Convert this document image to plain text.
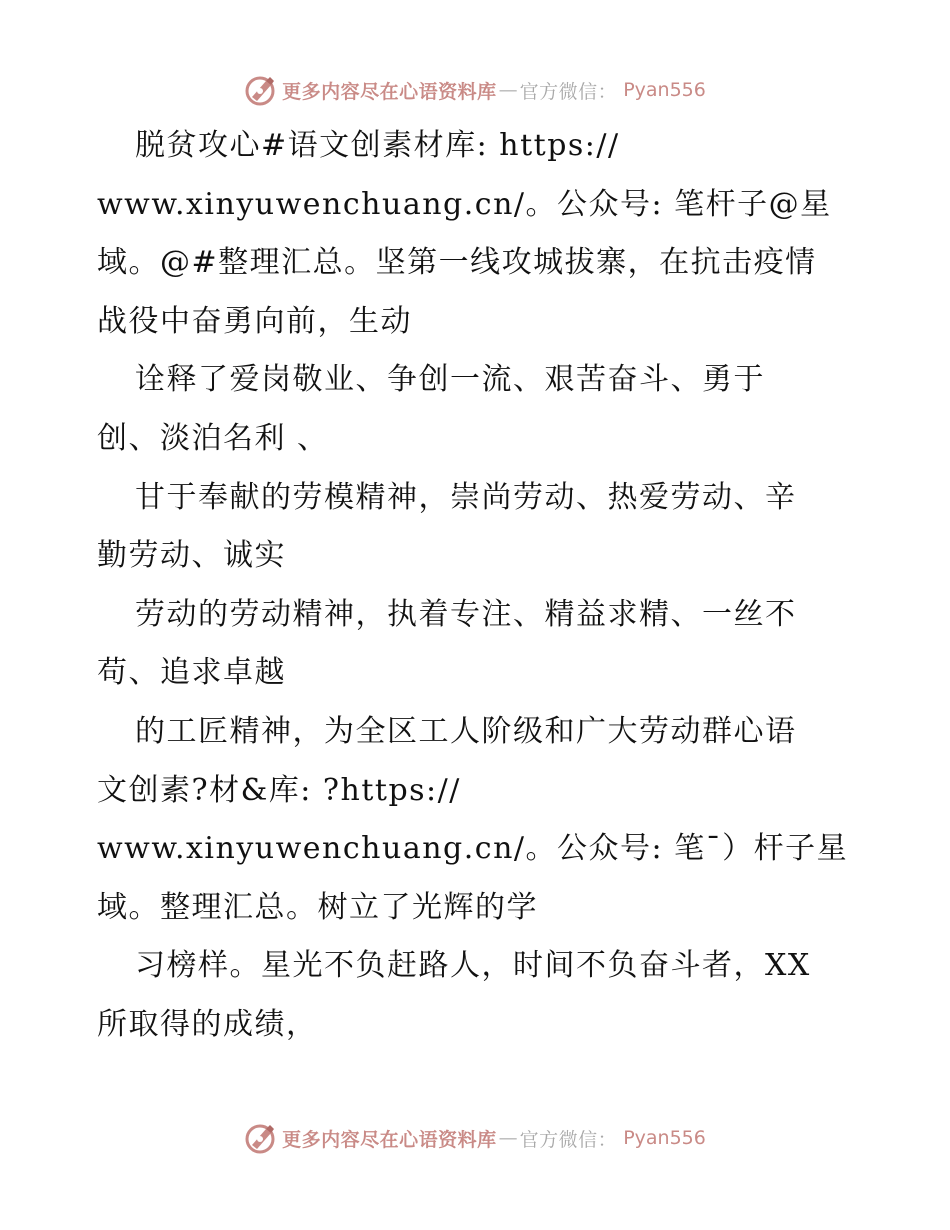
更多内容尽在心语资料库 — 官方微信： Pyan556
脱贫攻心#语文创素材库: https://
www.xinyuwenchuang.cn/。公众号: 笔杆子@星
域。@#整理汇总。坚第一线攻城拔寨，在抗击疫情
战役中奋勇向前，生动
诠释了爱岗敬业、争创一流、艰苦奋斗、勇于
创、淡泊名利 、
甘于奉献的劳模精神，崇尚劳动、热爱劳动、辛
勤劳动、诚实
劳动的劳动精神，执着专注、精益求精、一丝不
苟、追求卓越
的工匠精神，为全区工人阶级和广大劳动群心语
文创素?材&库: ?https://
www.xinyuwenchuang.cn/。公众号: 笔¯）杆子星
域。整理汇总。树立了光辉的学
习榜样。星光不负赶路人，时间不负奋斗者，XX
所取得的成绩，
更多内容尽在心语资料库 — 官方微信： Pyan556
